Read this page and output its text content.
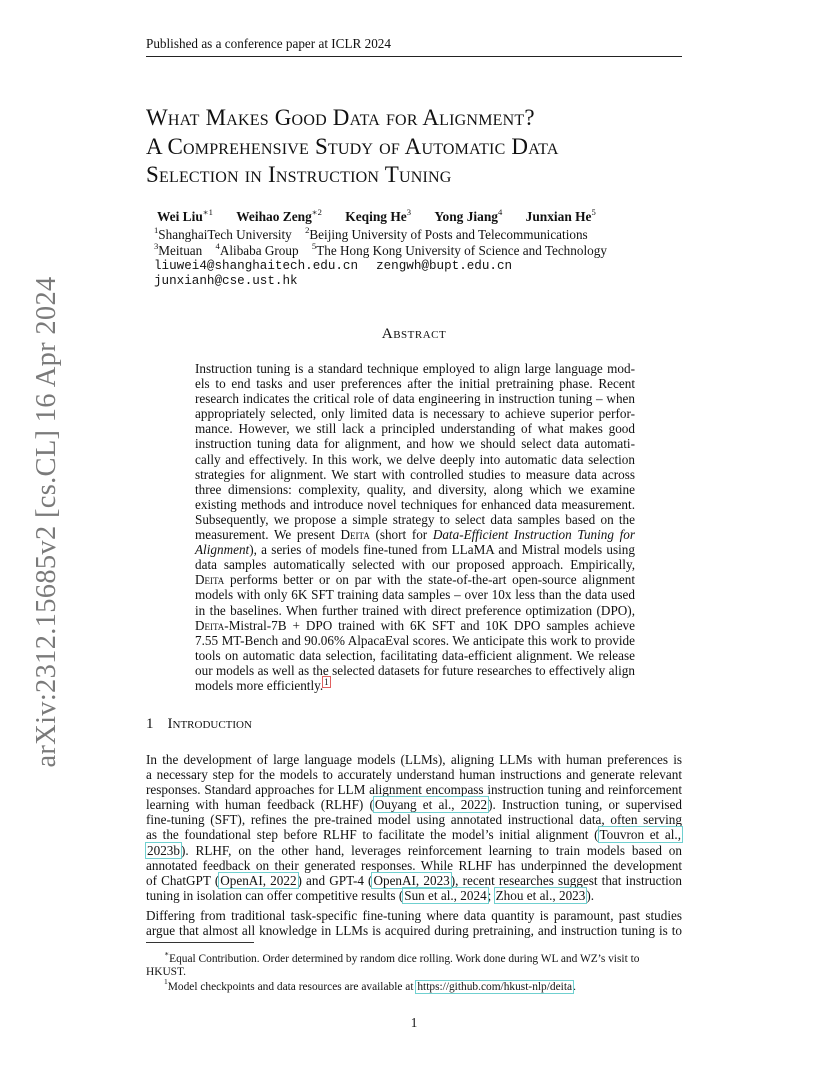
Published as a conference paper at ICLR 2024
arXiv:2312.15685v2 [cs.CL] 16 Apr 2024
What Makes Good Data for Alignment?
A Comprehensive Study of Automatic Data
Selection in Instruction Tuning
Wei Liu$^{∗1}$ Weihao Zeng$^{∗2}$ Keqing He$^3$ Yong Jiang$^4$ Junxian He$^5$
$^1$ShanghaiTech University $^2$Beijing University of Posts and Telecommunications
$^3$Meituan $^4$Alibaba Group $^5$The Hong Kong University of Science and Technology
liuwei4@shanghaitech.edu.cn zengwh@bupt.edu.cn
junxianh@cse.ust.hk
Abstract
Instruction tuning is a standard technique employed to align large language mod-
els to end tasks and user preferences after the initial pretraining phase. Recent
research indicates the critical role of data engineering in instruction tuning – when
appropriately selected, only limited data is necessary to achieve superior perfor-
mance. However, we still lack a principled understanding of what makes good
instruction tuning data for alignment, and how we should select data automati-
cally and effectively. In this work, we delve deeply into automatic data selection
strategies for alignment. We start with controlled studies to measure data across
three dimensions: complexity, quality, and diversity, along which we examine
existing methods and introduce novel techniques for enhanced data measurement.
Subsequently, we propose a simple strategy to select data samples based on the
measurement. We present Deita (short for Data-Efficient Instruction Tuning for
Alignment), a series of models fine-tuned from LLaMA and Mistral models using
data samples automatically selected with our proposed approach. Empirically,
Deita performs better or on par with the state-of-the-art open-source alignment
models with only 6K SFT training data samples – over 10x less than the data used
in the baselines. When further trained with direct preference optimization (DPO),
Deita-Mistral-7B + DPO trained with 6K SFT and 10K DPO samples achieve
7.55 MT-Bench and 90.06% AlpacaEval scores. We anticipate this work to provide
tools on automatic data selection, facilitating data-efficient alignment. We release
our models as well as the selected datasets for future researches to effectively align
models more efficiently.$^1$
1 Introduction
In the development of large language models (LLMs), aligning LLMs with human preferences is
a necessary step for the models to accurately understand human instructions and generate relevant
responses. Standard approaches for LLM alignment encompass instruction tuning and reinforcement
learning with human feedback (RLHF) (Ouyang et al., 2022). Instruction tuning, or supervised
fine-tuning (SFT), refines the pre-trained model using annotated instructional data, often serving
as the foundational step before RLHF to facilitate the model’s initial alignment (Touvron et al.,
2023b). RLHF, on the other hand, leverages reinforcement learning to train models based on
annotated feedback on their generated responses. While RLHF has underpinned the development
of ChatGPT (OpenAI, 2022) and GPT-4 (OpenAI, 2023), recent researches suggest that instruction
tuning in isolation can offer competitive results (Sun et al., 2024; Zhou et al., 2023).
Differing from traditional task-specific fine-tuning where data quantity is paramount, past studies
argue that almost all knowledge in LLMs is acquired during pretraining, and instruction tuning is to
∗Equal Contribution. Order determined by random dice rolling. Work done during WL and WZ’s visit to HKUST.
$^1$Model checkpoints and data resources are available at https://github.com/hkust-nlp/deita.
1
